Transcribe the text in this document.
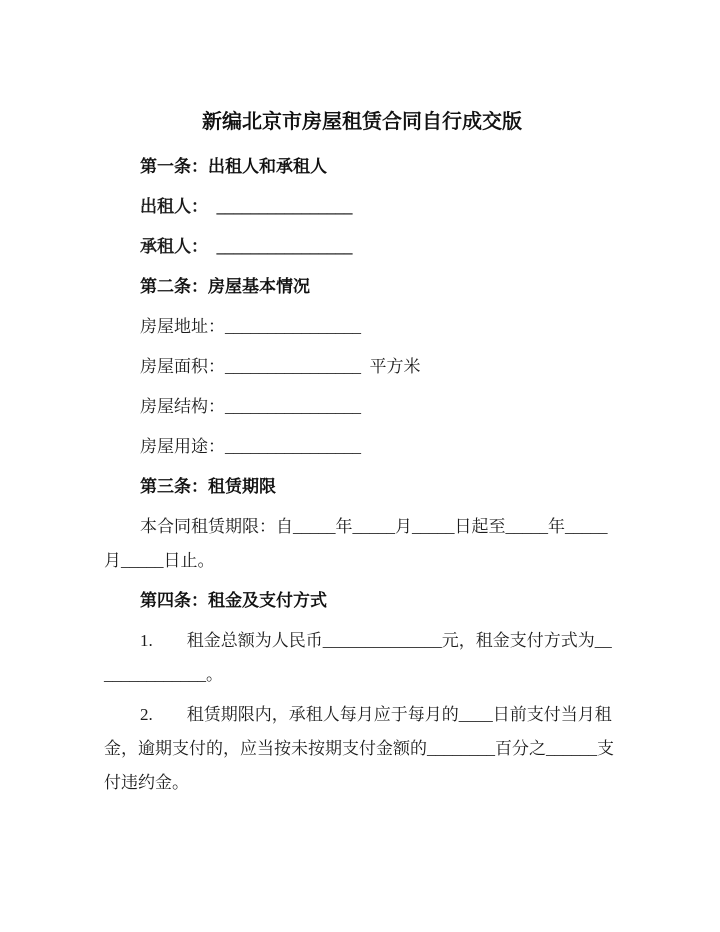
新编北京市房屋租赁合同自行成交版

第一条：出租人和承租人

出租人：  ________________

承租人：  ________________

第二条：房屋基本情况

房屋地址：________________

房屋面积：________________  平方米

房屋结构：________________

房屋用途：________________

第三条：租赁期限

本合同租赁期限：自_____年_____月_____日起至_____年_____月_____日止。

第四条：租金及支付方式

1.        租金总额为人民币______________元，租金支付方式为______________。

2.        租赁期限内，承租人每月应于每月的____日前支付当月租金，逾期支付的，应当按未按期支付金额的________百分之______支付违约金。
